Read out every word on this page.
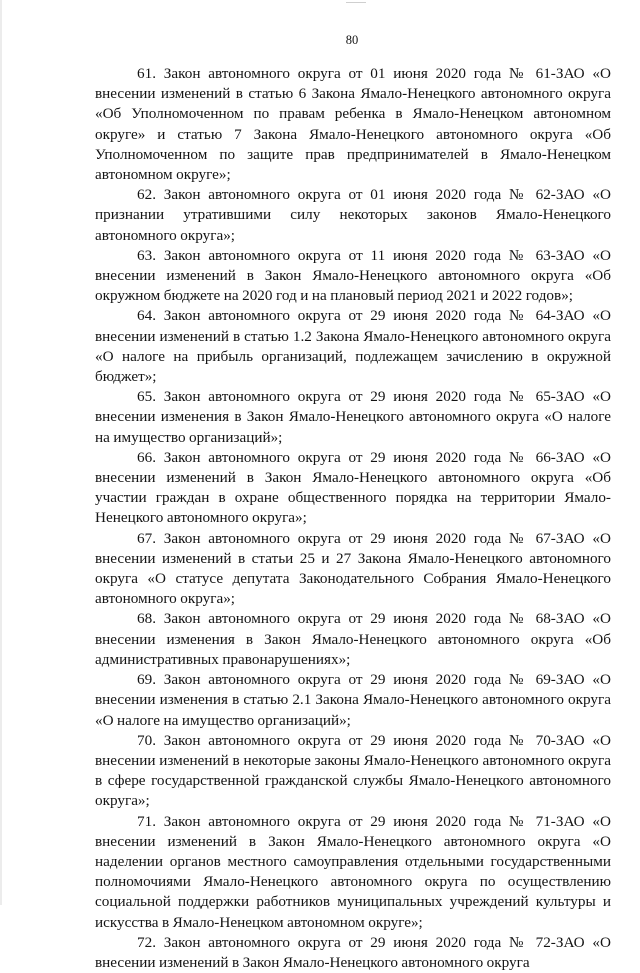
80

61. Закон автономного округа от 01 июня 2020 года № 61-ЗАО «О внесении изменений в статью 6 Закона Ямало-Ненецкого автономного округа «Об Уполномоченном по правам ребенка в Ямало-Ненецком автономном округе» и статью 7 Закона Ямало-Ненецкого автономного округа «Об Уполномоченном по защите прав предпринимателей в Ямало-Ненецком автономном округе»;

62. Закон автономного округа от 01 июня 2020 года № 62-ЗАО «О признании утратившими силу некоторых законов Ямало-Ненецкого автономного округа»;

63. Закон автономного округа от 11 июня 2020 года № 63-ЗАО «О внесении изменений в Закон Ямало-Ненецкого автономного округа «Об окружном бюджете на 2020 год и на плановый период 2021 и 2022 годов»;

64. Закон автономного округа от 29 июня 2020 года № 64-ЗАО «О внесении изменений в статью 1.2 Закона Ямало-Ненецкого автономного округа «О налоге на прибыль организаций, подлежащем зачислению в окружной бюджет»;

65. Закон автономного округа от 29 июня 2020 года № 65-ЗАО «О внесении изменения в Закон Ямало-Ненецкого автономного округа «О налоге на имущество организаций»;

66. Закон автономного округа от 29 июня 2020 года № 66-ЗАО «О внесении изменений в Закон Ямало-Ненецкого автономного округа «Об участии граждан в охране общественного порядка на территории Ямало-Ненецкого автономного округа»;

67. Закон автономного округа от 29 июня 2020 года № 67-ЗАО «О внесении изменений в статьи 25 и 27 Закона Ямало-Ненецкого автономного округа «О статусе депутата Законодательного Собрания Ямало-Ненецкого автономного округа»;

68. Закон автономного округа от 29 июня 2020 года № 68-ЗАО «О внесении изменения в Закон Ямало-Ненецкого автономного округа «Об административных правонарушениях»;

69. Закон автономного округа от 29 июня 2020 года № 69-ЗАО «О внесении изменения в статью 2.1 Закона Ямало-Ненецкого автономного округа «О налоге на имущество организаций»;

70. Закон автономного округа от 29 июня 2020 года № 70-ЗАО «О внесении изменений в некоторые законы Ямало-Ненецкого автономного округа в сфере государственной гражданской службы Ямало-Ненецкого автономного округа»;

71. Закон автономного округа от 29 июня 2020 года № 71-ЗАО «О внесении изменений в Закон Ямало-Ненецкого автономного округа «О наделении органов местного самоуправления отдельными государственными полномочиями Ямало-Ненецкого автономного округа по осуществлению социальной поддержки работников муниципальных учреждений культуры и искусства в Ямало-Ненецком автономном округе»;

72. Закон автономного округа от 29 июня 2020 года № 72-ЗАО «О внесении изменений в Закон Ямало-Ненецкого автономного округа
